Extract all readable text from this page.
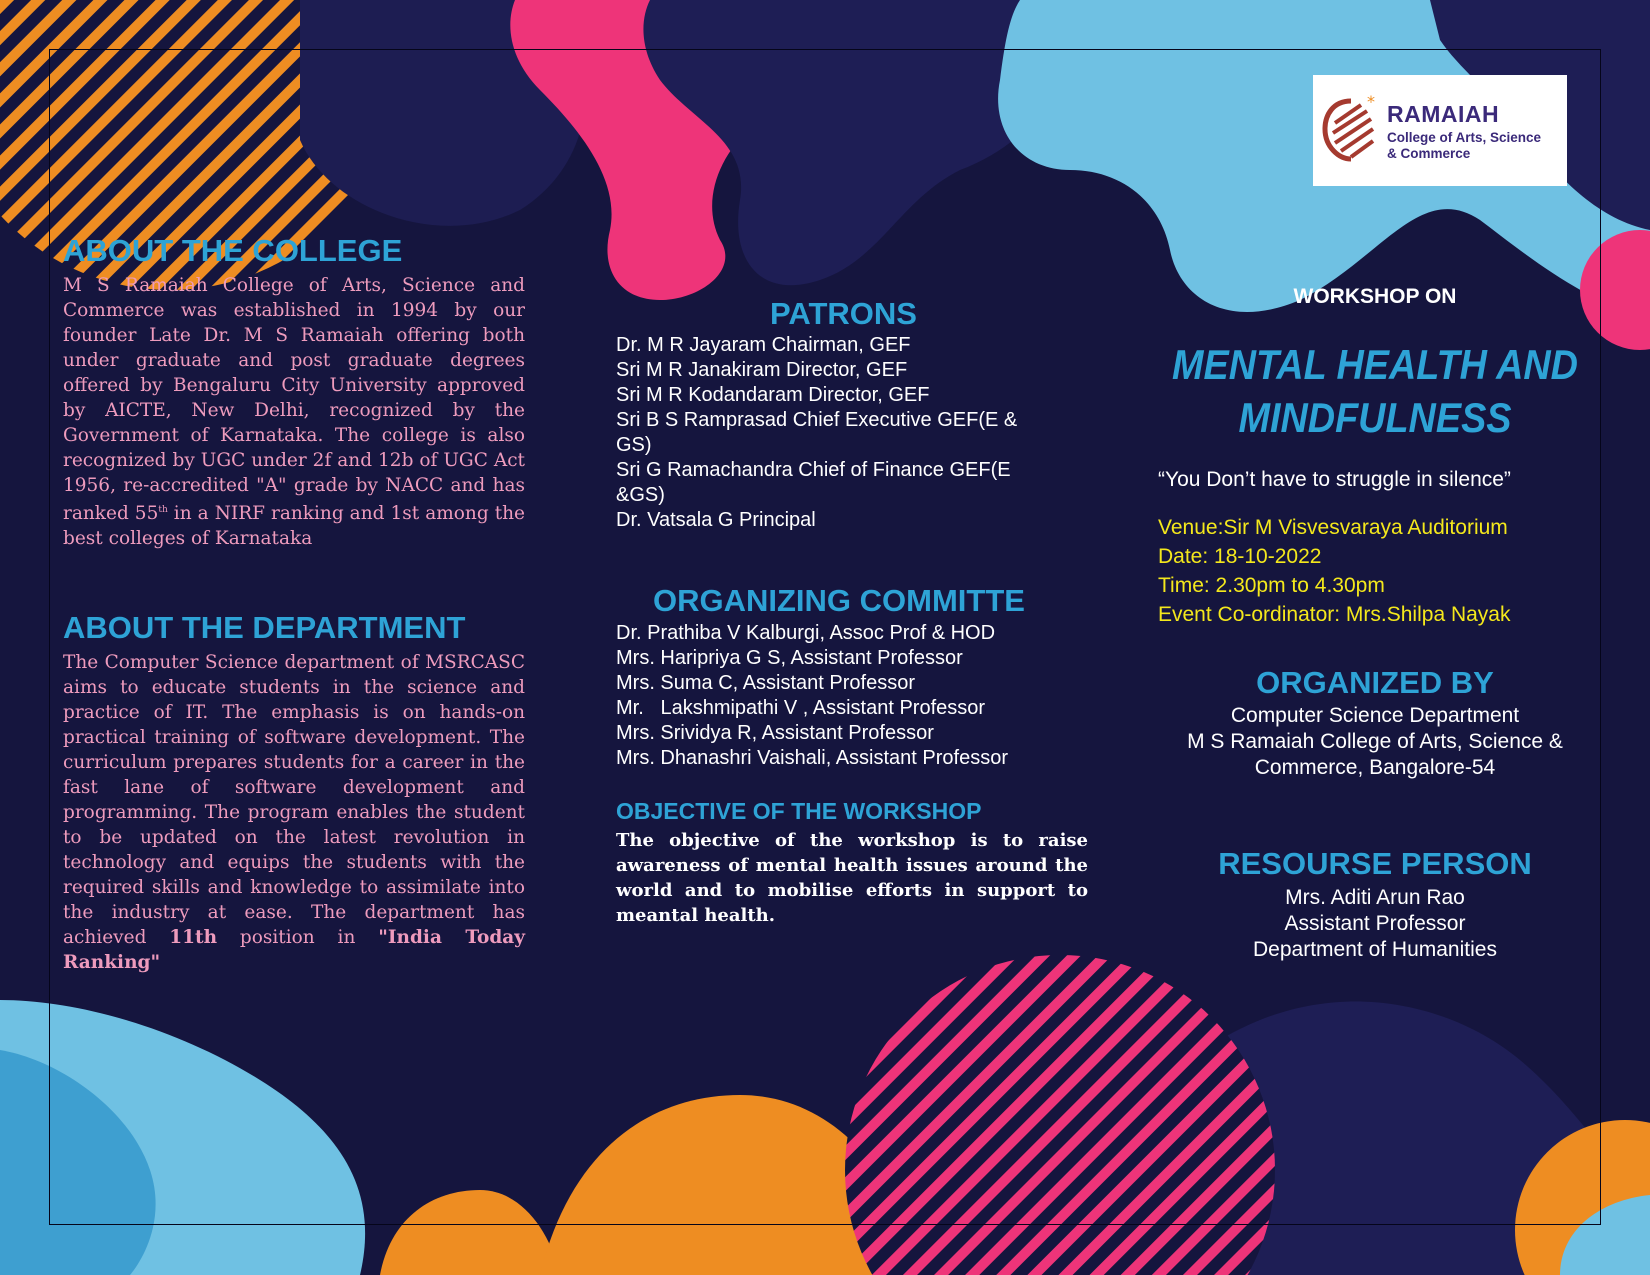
* RAMAIAH
College of Arts, Science
& Commerce
ABOUT THE COLLEGE

M S Ramaiah College of Arts, Science and Commerce was established in 1994 by our founder Late Dr. M S Ramaiah offering both under graduate and post graduate degrees offered by Bengaluru City University approved by AICTE, New Delhi, recognized by the Government of Karnataka. The college is also recognized by UGC under 2f and 12b of UGC Act 1956, re-accredited "A" grade by NACC and has ranked 55th in a NIRF ranking and 1st among the best colleges of Karnataka

ABOUT THE DEPARTMENT

The Computer Science department of MSRCASC aims to educate students in the science and practice of IT. The emphasis is on hands-on practical training of software development. The curriculum prepares students for a career in the fast lane of software development and programming. The program enables the student to be updated on the latest revolution in technology and equips the students with the required skills and knowledge to assimilate into the industry at ease. The department has achieved 11th position in "India Today Ranking"

PATRONS
Dr. M R Jayaram Chairman, GEF
Sri M R Janakiram Director, GEF
Sri M R Kodandaram Director, GEF
Sri B S Ramprasad Chief Executive GEF(E &
GS)
Sri G Ramachandra Chief of Finance GEF(E
&GS)
Dr. Vatsala G Principal
ORGANIZING COMMITTE
Dr. Prathiba V Kalburgi, Assoc Prof & HOD
Mrs. Haripriya G S, Assistant Professor
Mrs. Suma C, Assistant Professor
Mr.   Lakshmipathi V , Assistant Professor
Mrs. Srividya R, Assistant Professor
Mrs. Dhanashri Vaishali, Assistant Professor
OBJECTIVE OF THE WORKSHOP

The objective of the workshop is to raise awareness of mental health issues around the world and to mobilise efforts in support to meantal health.

WORKSHOP ON
MENTAL HEALTH AND
MINDFULNESS
“You Don’t have to struggle in silence”
Venue:Sir M Visvesvaraya Auditorium
Date: 18-10-2022
Time: 2.30pm to 4.30pm
Event Co-ordinator: Mrs.Shilpa Nayak
ORGANIZED BY
Computer Science Department
M S Ramaiah College of Arts, Science &
Commerce, Bangalore-54
RESOURSE PERSON
Mrs. Aditi Arun Rao
Assistant Professor
Department of Humanities
